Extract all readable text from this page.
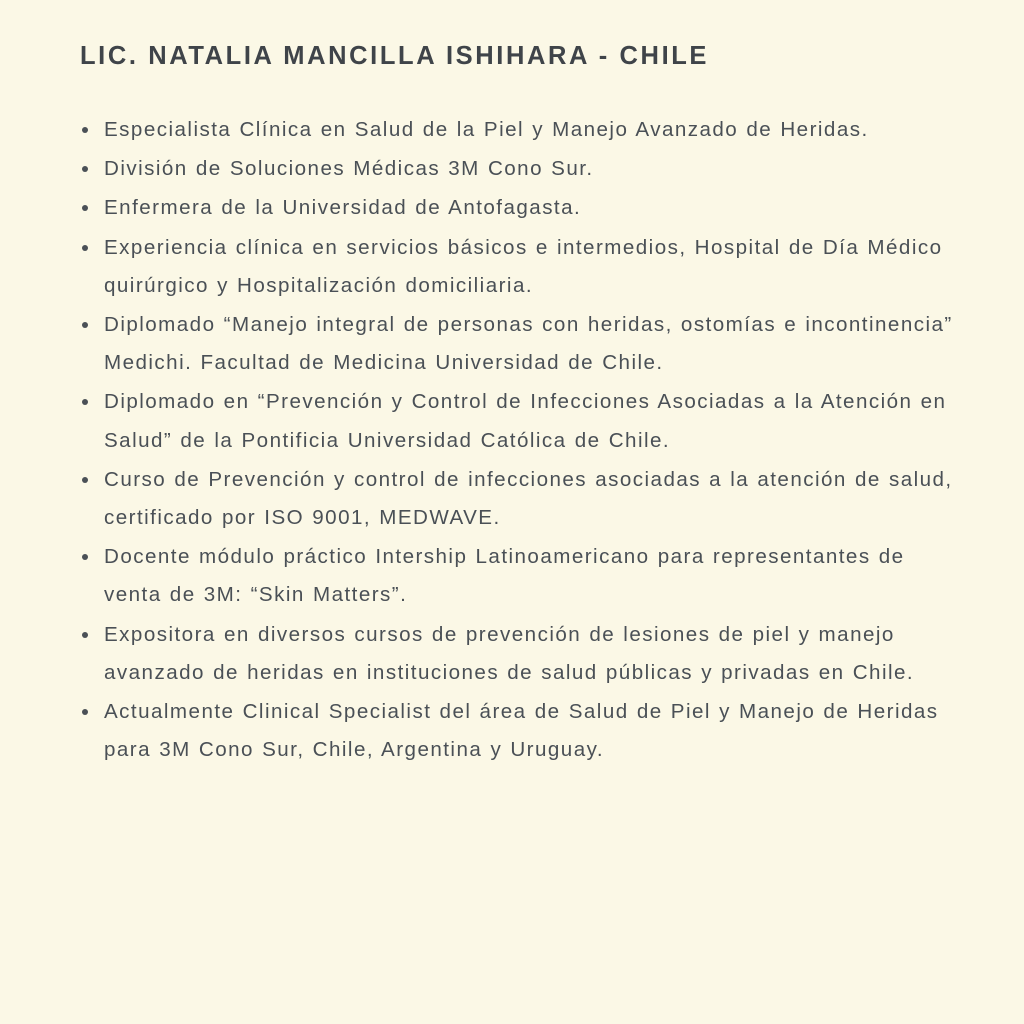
LIC. NATALIA MANCILLA ISHIHARA - CHILE
Especialista Clínica en Salud de la Piel y Manejo Avanzado de Heridas.
División de Soluciones Médicas 3M Cono Sur.
Enfermera de la Universidad de Antofagasta.
Experiencia clínica en servicios básicos e intermedios, Hospital de Día Médico quirúrgico y Hospitalización domiciliaria.
Diplomado “Manejo integral de personas con heridas, ostomías e incontinencia” Medichi. Facultad de Medicina Universidad de Chile.
Diplomado en “Prevención y Control de Infecciones Asociadas a la Atención en Salud” de la Pontificia Universidad Católica de Chile.
Curso de Prevención y control de infecciones asociadas a la atención de salud, certificado por ISO 9001, MEDWAVE.
Docente módulo práctico Intership Latinoamericano para representantes de venta de 3M: “Skin Matters”.
Expositora en diversos cursos de prevención de lesiones de piel y manejo avanzado de heridas en instituciones de salud públicas y privadas en Chile.
Actualmente Clinical Specialist del área de Salud de Piel y Manejo de Heridas para 3M Cono Sur, Chile, Argentina y Uruguay.
